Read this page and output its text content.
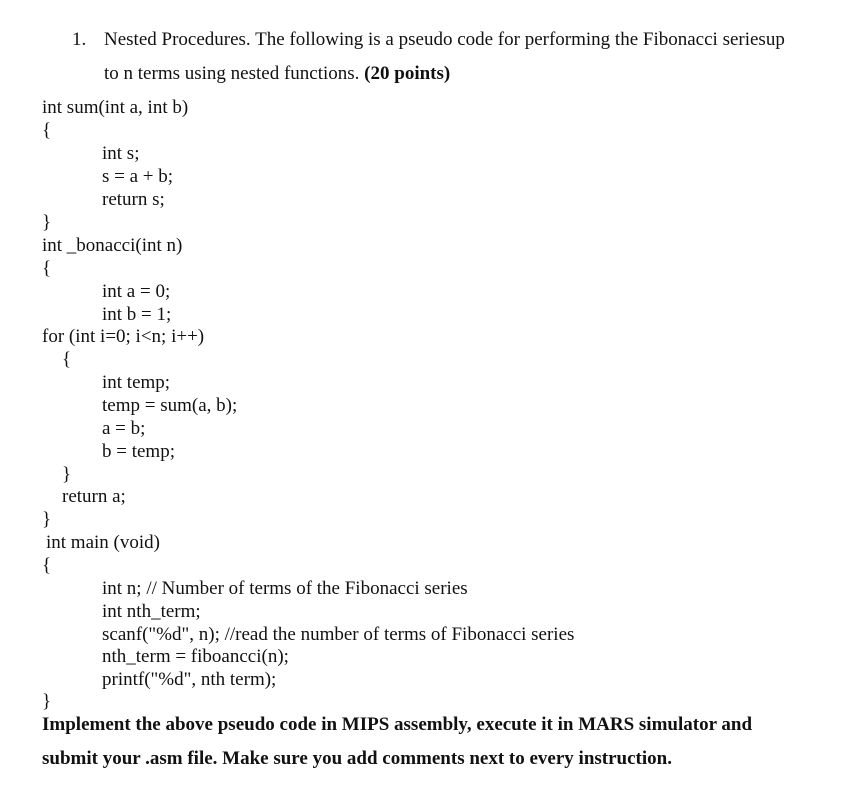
1. Nested Procedures. The following is a pseudo code for performing the Fibonacci seriesup
to n terms using nested functions. (20 points)
int sum(int a, int b)
{
int s;
s = a + b;
return s;
}
int _bonacci(int n)
{
int a = 0;
int b = 1;
for (int i=0; i<n; i++)
{
int temp;
temp = sum(a, b);
a = b;
b = temp;
}
return a;
}
int main (void)
{
int n; // Number of terms of the Fibonacci series
int nth_term;
scanf("%d", n); //read the number of terms of Fibonacci series
nth_term = fiboancci(n);
printf("%d", nth term);
}
Implement the above pseudo code in MIPS assembly, execute it in MARS simulator and
submit your .asm file. Make sure you add comments next to every instruction.
